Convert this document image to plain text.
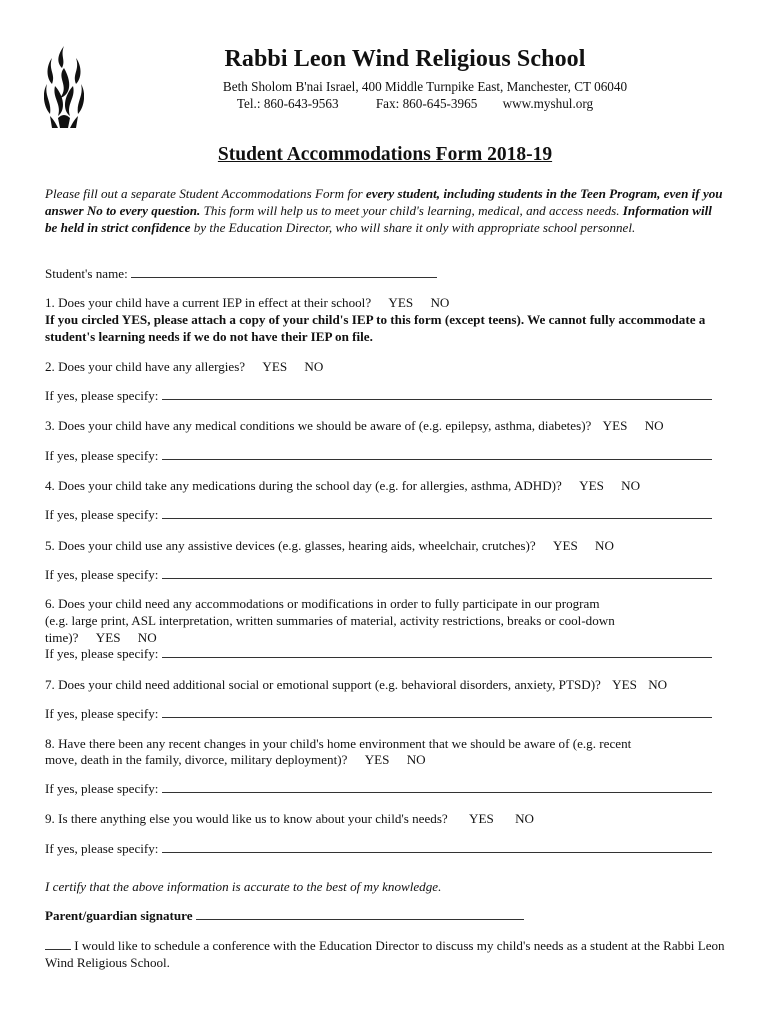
Rabbi Leon Wind Religious School
Beth Sholom B'nai Israel, 400 Middle Turnpike East, Manchester, CT 06040
Tel.: 860-643-9563	Fax: 860-645-3965 www.myshul.org
Student Accommodations Form 2018-19
Please fill out a separate Student Accommodations Form for every student, including students in the Teen Program, even if you answer No to every question. This form will help us to meet your child's learning, medical, and access needs. Information will be held in strict confidence by the Education Director, who will share it only with appropriate school personnel.
Student's name:
1. Does your child have a current IEP in effect at their school? YES NO
If you circled YES, please attach a copy of your child's IEP to this form (except teens). We cannot fully accommodate a student's learning needs if we do not have their IEP on file.
2. Does your child have any allergies? YES NO
If yes, please specify:
3. Does your child have any medical conditions we should be aware of (e.g. epilepsy, asthma, diabetes)? YES NO
If yes, please specify:
4. Does your child take any medications during the school day (e.g. for allergies, asthma, ADHD)? YES NO
If yes, please specify:
5. Does your child use any assistive devices (e.g. glasses, hearing aids, wheelchair, crutches)? YES NO
If yes, please specify:
6. Does your child need any accommodations or modifications in order to fully participate in our program
(e.g. large print, ASL interpretation, written summaries of material, activity restrictions, breaks or cool-down
time)? YES NO
If yes, please specify:
7. Does your child need additional social or emotional support (e.g. behavioral disorders, anxiety, PTSD)? YES NO
If yes, please specify:
8. Have there been any recent changes in your child's home environment that we should be aware of (e.g. recent
move, death in the family, divorce, military deployment)? YES NO
If yes, please specify:
9. Is there anything else you would like us to know about your child's needs? YES NO
If yes, please specify:
I certify that the above information is accurate to the best of my knowledge.
Parent/guardian signature
I would like to schedule a conference with the Education Director to discuss my child's needs as a student at the Rabbi Leon Wind Religious School.
